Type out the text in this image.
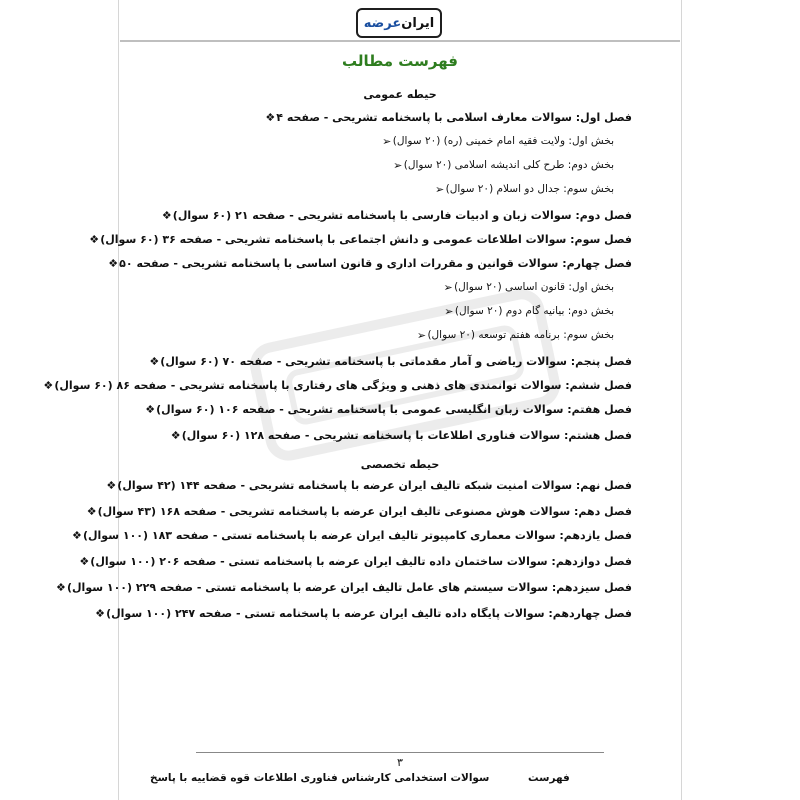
ایران
عرضه
فهرست مطالب
حیطه عمومی
❖ فصل اول: سوالات معارف اسلامی با پاسخنامه تشریحی - صفحه ۴
➢ بخش اول: ولایت فقیه امام خمینی (ره) (۲۰ سوال)
➢ بخش دوم: طرح کلی اندیشه اسلامی (۲۰ سوال)
➢ بخش سوم: جدال دو اسلام (۲۰ سوال)
❖ فصل دوم: سوالات زبان و ادبیات فارسی با پاسخنامه تشریحی - صفحه ۲۱ (۶۰ سوال)
❖ فصل سوم: سوالات اطلاعات عمومی و دانش اجتماعی با پاسخنامه تشریحی - صفحه ۳۶ (۶۰ سوال)
❖ فصل چهارم: سوالات قوانین و مقررات اداری و قانون اساسی با پاسخنامه تشریحی - صفحه ۵۰
➢ بخش اول: قانون اساسی (۲۰ سوال)
➢ بخش دوم: بیانیه گام دوم (۲۰ سوال)
➢ بخش سوم: برنامه هفتم توسعه (۲۰ سوال)
❖ فصل پنجم: سوالات ریاضی و آمار مقدماتی با پاسخنامه تشریحی - صفحه ۷۰ (۶۰ سوال)
❖ فصل ششم: سوالات توانمندی های ذهنی و ویژگی های رفتاری با پاسخنامه تشریحی - صفحه ۸۶ (۶۰ سوال)
❖ فصل هفتم: سوالات زبان انگلیسی عمومی با پاسخنامه تشریحی - صفحه ۱۰۶ (۶۰ سوال)
❖ فصل هشتم: سوالات فناوری اطلاعات با پاسخنامه تشریحی - صفحه ۱۲۸ (۶۰ سوال)
حیطه تخصصی
❖ فصل نهم: سوالات امنیت شبکه تالیف ایران عرضه با پاسخنامه تشریحی - صفحه ۱۴۴ (۴۲ سوال)
❖ فصل دهم: سوالات هوش مصنوعی تالیف ایران عرضه با پاسخنامه تشریحی - صفحه ۱۶۸ (۴۳ سوال)
❖ فصل یازدهم: سوالات معماری کامپیوتر تالیف ایران عرضه با پاسخنامه تستی - صفحه ۱۸۳ (۱۰۰ سوال)
❖ فصل دوازدهم: سوالات ساختمان داده تالیف ایران عرضه با پاسخنامه تستی - صفحه ۲۰۶ (۱۰۰ سوال)
❖ فصل سیزدهم: سوالات سیستم های عامل تالیف ایران عرضه با پاسخنامه تستی - صفحه ۲۲۹ (۱۰۰ سوال)
❖ فصل چهاردهم: سوالات پایگاه داده تالیف ایران عرضه با پاسخنامه تستی - صفحه ۲۴۷ (۱۰۰ سوال)
۳
سوالات استخدامی کارشناس فناوری اطلاعات قوه قضاییه با پاسخ	فهرست
